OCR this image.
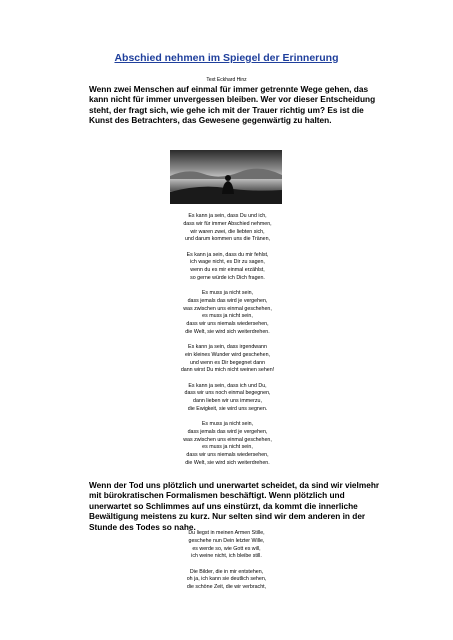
Abschied nehmen im Spiegel der Erinnerung
Text Eckhard Hinz
Wenn zwei Menschen auf einmal für immer getrennte Wege gehen, das kann nicht für immer unvergessen bleiben. Wer vor dieser Entscheidung steht, der fragt sich, wie gehe ich mit der Trauer richtig um? Es ist die Kunst des Betrachters, das Gewesene gegenwärtig zu halten.

Es kann ja sein, dass Du und ich,

dass wir für immer Abschied nehmen,

wir waren zwei, die liebten sich,

und darum kommen uns die Tränen,

Es kann ja sein, dass du mir fehlst,

ich wage nicht, es Dir zu sagen,

wenn du es mir einmal erzählst,

so gerne würde ich Dich fragen.

Es muss ja nicht sein,

dass jemals das wird je vergehen,

was zwischen uns einmal geschehen,

es muss ja nicht sein,

dass wir uns niemals wiedersehen,

die Welt, sie wird sich weiterdrehen.

Es kann ja sein, dass irgendwann

ein kleines Wunder wird geschehen,

und wenn es Dir begegnet dann

dann wirst Du mich nicht weinen sehen!

Es kann ja sein, dass ich und Du,

dass wir uns noch einmal begegnen,

dann lieben wir uns immerzu,

die Ewigkeit, sie wird uns segnen.

Es muss ja nicht sein,

dass jemals das wird je vergehen,

was zwischen uns einmal geschehen,

es muss ja nicht sein,

dass wir uns niemals wiedersehen,

die Welt, sie wird sich weiterdrehen.

Wenn der Tod uns plötzlich und unerwartet scheidet, da sind wir vielmehr mit bürokratischen Formalismen beschäftigt. Wenn plötzlich und unerwartet so Schlimmes auf uns einstürzt, da kommt die innerliche Bewältigung meistens zu kurz. Nur selten sind wir dem anderen in der Stunde des Todes so nahe.

Du liegst in meinen Armen Stille,

geschehe nun Dein letzter Wille,

es werde so, wie Gott es will,

ich weine nicht, ich bleibe still.

Die Bilder, die in mir entstehen,

oh ja, ich kann sie deutlich sehen,

die schöne Zeit, die wir verbracht,
